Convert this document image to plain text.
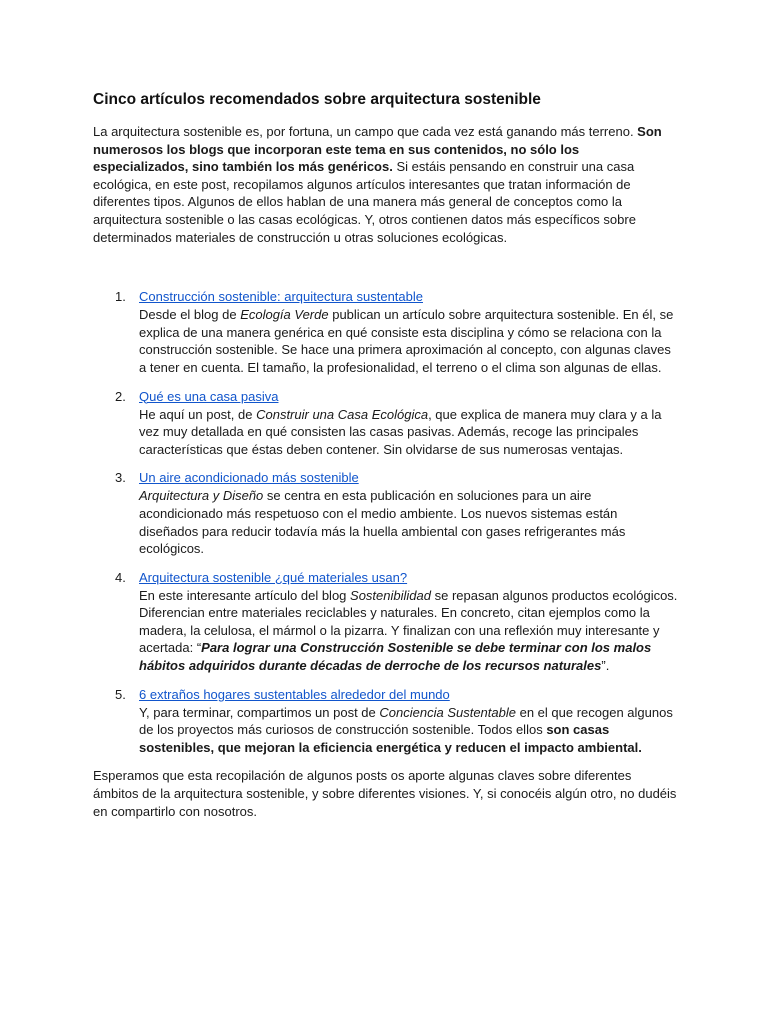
Cinco artículos recomendados sobre arquitectura sostenible

La arquitectura sostenible es, por fortuna, un campo que cada vez está ganando más terreno. Son numerosos los blogs que incorporan este tema en sus contenidos, no sólo los especializados, sino también los más genéricos. Si estáis pensando en construir una casa ecológica, en este post, recopilamos algunos artículos interesantes que tratan información de diferentes tipos. Algunos de ellos hablan de una manera más general de conceptos como la arquitectura sostenible o las casas ecológicas. Y, otros contienen datos más específicos sobre determinados materiales de construcción u otras soluciones ecológicas.

1. Construcción sostenible: arquitectura sustentable

Desde el blog de Ecología Verde publican un artículo sobre arquitectura sostenible. En él, se explica de una manera genérica en qué consiste esta disciplina y cómo se relaciona con la construcción sostenible. Se hace una primera aproximación al concepto, con algunas claves a tener en cuenta. El tamaño, la profesionalidad, el terreno o el clima son algunas de ellas.

2. Qué es una casa pasiva

He aquí un post, de Construir una Casa Ecológica, que explica de manera muy clara y a la vez muy detallada en qué consisten las casas pasivas. Además, recoge las principales características que éstas deben contener. Sin olvidarse de sus numerosas ventajas.

3. Un aire acondicionado más sostenible

Arquitectura y Diseño se centra en esta publicación en soluciones para un aire acondicionado más respetuoso con el medio ambiente. Los nuevos sistemas están diseñados para reducir todavía más la huella ambiental con gases refrigerantes más ecológicos.

4. Arquitectura sostenible ¿qué materiales usan?

En este interesante artículo del blog Sostenibilidad se repasan algunos productos ecológicos. Diferencian entre materiales reciclables y naturales. En concreto, citan ejemplos como la madera, la celulosa, el mármol o la pizarra. Y finalizan con una reflexión muy interesante y acertada: “Para lograr una Construcción Sostenible se debe terminar con los malos hábitos adquiridos durante décadas de derroche de los recursos naturales”.

5. 6 extraños hogares sustentables alrededor del mundo

Y, para terminar, compartimos un post de Conciencia Sustentable en el que recogen algunos de los proyectos más curiosos de construcción sostenible. Todos ellos son casas sostenibles, que mejoran la eficiencia energética y reducen el impacto ambiental.

Esperamos que esta recopilación de algunos posts os aporte algunas claves sobre diferentes ámbitos de la arquitectura sostenible, y sobre diferentes visiones. Y, si conocéis algún otro, no dudéis en compartirlo con nosotros.
